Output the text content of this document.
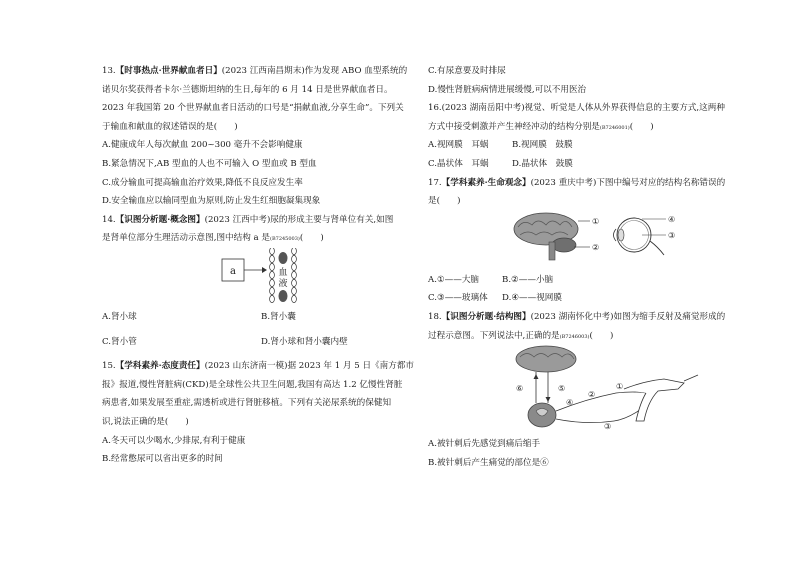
13.【时事热点·世界献血者日】(2023 江西南昌期末)作为发现 ABO 血型系统的
诺贝尔奖获得者卡尔·兰德斯坦纳的生日,每年的 6 月 14 日是世界献血者日。
2023 年我国第 20 个世界献血者日活动的口号是“捐献血液,分享生命”。下列关
于输血和献血的叙述错误的是(　　)
A.健康成年人每次献血 200~300 毫升不会影响健康
B.紧急情况下,AB 型血的人也不可输入 O 型血或 B 型血
C.成分输血可提高输血治疗效果,降低不良反应发生率
D.安全输血应以输同型血为原则,防止发生红细胞凝集现象
14.【识图分析题·概念图】(2023 江西中考)尿的形成主要与肾单位有关,如图
是肾单位部分生理活动示意图,图中结构 a 是(B7245003)(　　)
a	血
液
A.肾小球	B.肾小囊
C.肾小管	D.肾小球和肾小囊内壁
15.【学科素养·态度责任】(2023 山东济南一模)据 2023 年 1 月 5 日《南方都市
报》报道,慢性肾脏病(CKD)是全球性公共卫生问题,我国有高达 1.2 亿慢性肾脏
病患者,如果发展至重症,需透析或进行肾脏移植。下列有关泌尿系统的保健知
识,说法正确的是(　　)
A.冬天可以少喝水,少排尿,有利于健康
B.经常憋尿可以省出更多的时间
C.有尿意要及时排尿
D.慢性肾脏病病情进展缓慢,可以不用医治
16.(2023 湖南岳阳中考)视觉、听觉是人体从外界获得信息的主要方式,这两种
方式中接受刺激并产生神经冲动的结构分别是(B7246001)(　　)
A.视网膜　耳蜗	B.视网膜　鼓膜
C.晶状体　耳蜗	D.晶状体　鼓膜
17.【学科素养·生命观念】(2023 重庆中考)下图中编号对应的结构名称错误的
是(　　)
①
②
④
③
A.①——大脑	B.②——小脑
C.③——玻璃体	D.④——视网膜
18.【识图分析题·结构图】(2023 湖南怀化中考)如图为缩手反射及痛觉形成的
过程示意图。下列说法中,正确的是(B7246003)(　　)
⑥	⑤
④
②
①
③
A.被针刺后先感觉到痛后缩手
B.被针刺后产生痛觉的部位是⑥
